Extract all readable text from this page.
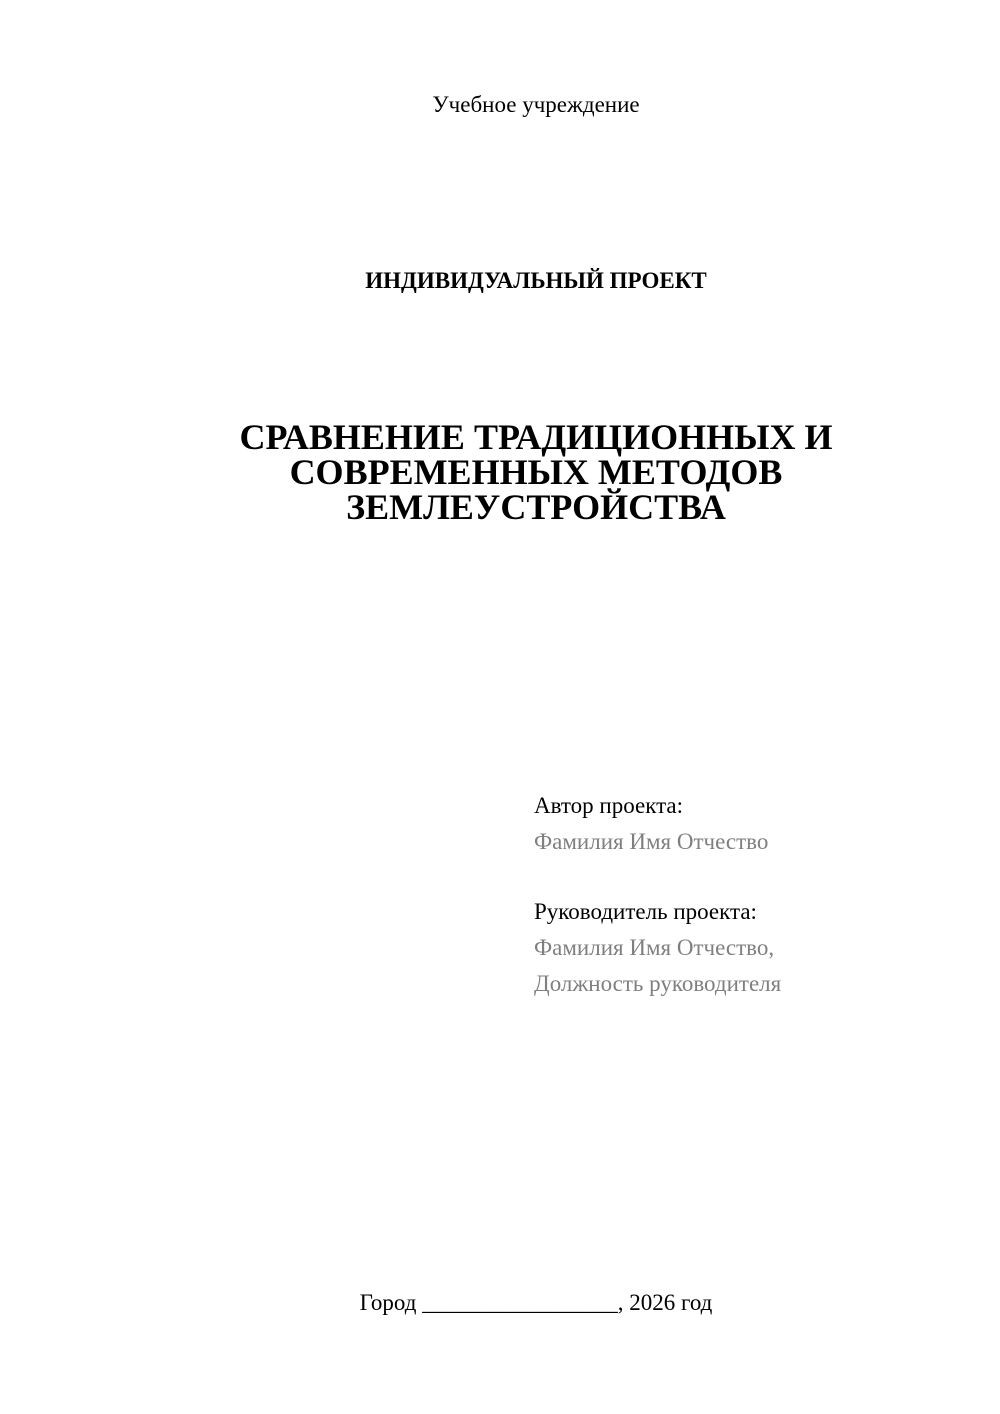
Учебное учреждение
ИНДИВИДУАЛЬНЫЙ ПРОЕКТ
СРАВНЕНИЕ ТРАДИЦИОННЫХ И
СОВРЕМЕННЫХ МЕТОДОВ
ЗЕМЛЕУСТРОЙСТВА
Автор проекта:
Фамилия Имя Отчество
Руководитель проекта:
Фамилия Имя Отчество,
Должность руководителя
Город _________________, 2026 год
